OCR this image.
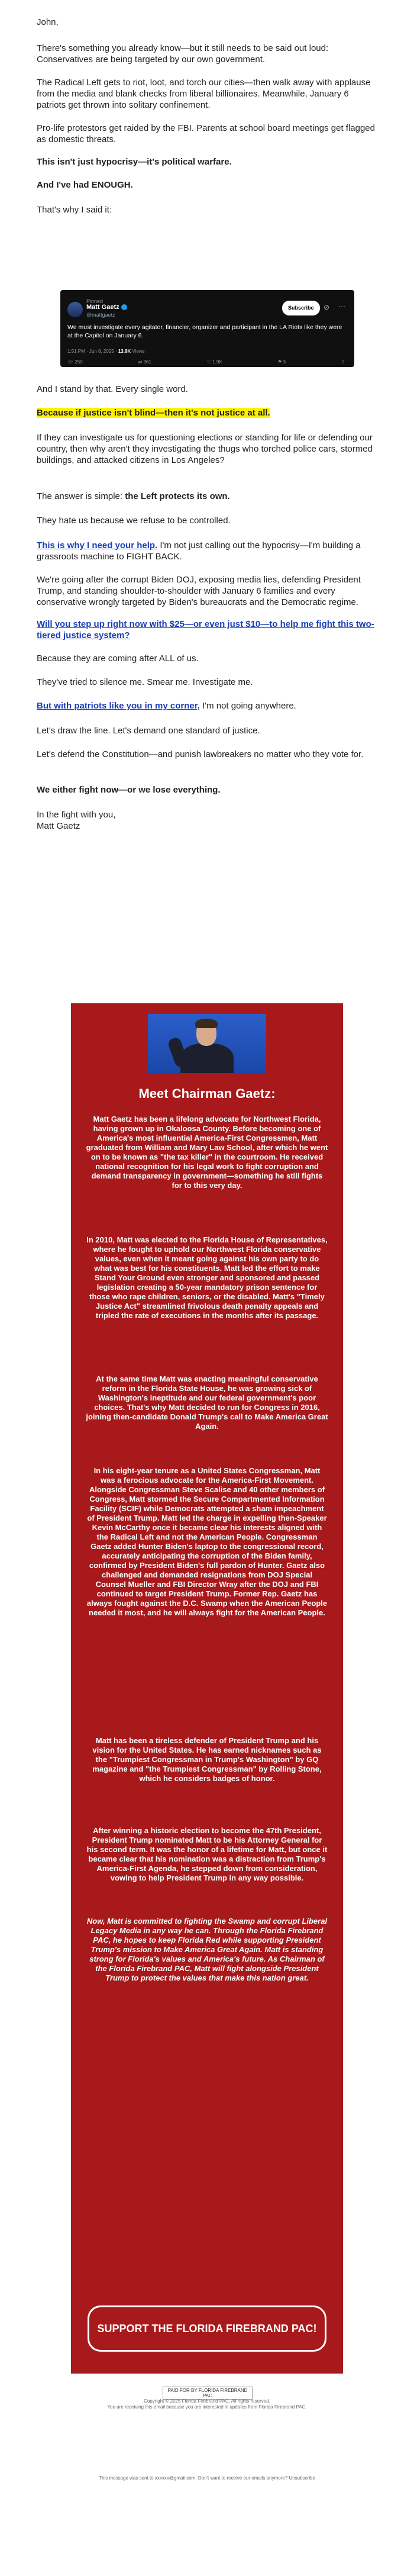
John,

There's something you already know—but it still needs to be said out loud: Conservatives are being targeted by our own government.

The Radical Left gets to riot, loot, and torch our cities—then walk away with applause from the media and blank checks from liberal billionaires. Meanwhile, January 6 patriots get thrown into solitary confinement.

Pro-life protestors get raided by the FBI. Parents at school board meetings get flagged as domestic threats.

This isn't just hypocrisy—it's political warfare.

And I've had ENOUGH.

That's why I said it:

Pinned
Matt Gaetz
@mattgaetz
Subscribe	⊘ ···
We must investigate every agitator, financier, organizer and participant in the LA Riots like they were at the Capitol on January 6.
1:51 PM · Jun 8, 2025 · 13.9K Views
💬︎ 250	⇄ 361	♡ 1.9K	⚑ 5	⇪

And I stand by that. Every single word.

Because if justice isn't blind—then it's not justice at all.

If they can investigate us for questioning elections or standing for life or defending our country, then why aren't they investigating the thugs who torched police cars, stormed buildings, and attacked citizens in Los Angeles?

The answer is simple: the Left protects its own.

They hate us because we refuse to be controlled.

This is why I need your help. I'm not just calling out the hypocrisy—I'm building a grassroots machine to FIGHT BACK.

We're going after the corrupt Biden DOJ, exposing media lies, defending President Trump, and standing shoulder-to-shoulder with January 6 families and every conservative wrongly targeted by Biden's bureaucrats and the Democratic regime.

Will you step up right now with $25—or even just $10—to help me fight this two-tiered justice system?

Because they are coming after ALL of us.

They've tried to silence me. Smear me. Investigate me.

But with patriots like you in my corner, I'm not going anywhere.

Let's draw the line. Let's demand one standard of justice.

Let's defend the Constitution—and punish lawbreakers no matter who they vote for.

We either fight now—or we lose everything.

In the fight with you,

Matt Gaetz

Meet Chairman Gaetz:

Matt Gaetz has been a lifelong advocate for Northwest Florida, having grown up in Okaloosa County. Before becoming one of America's most influential America-First Congressmen, Matt graduated from William and Mary Law School, after which he went on to be known as "the tax killer" in the courtroom. He received national recognition for his legal work to fight corruption and demand transparency in government—something he still fights for to this very day.

In 2010, Matt was elected to the Florida House of Representatives, where he fought to uphold our Northwest Florida conservative values, even when it meant going against his own party to do what was best for his constituents. Matt led the effort to make Stand Your Ground even stronger and sponsored and passed legislation creating a 50-year mandatory prison sentence for those who rape children, seniors, or the disabled. Matt's "Timely Justice Act" streamlined frivolous death penalty appeals and tripled the rate of executions in the months after its passage.

At the same time Matt was enacting meaningful conservative reform in the Florida State House, he was growing sick of Washington's ineptitude and our federal government's poor choices. That's why Matt decided to run for Congress in 2016, joining then-candidate Donald Trump's call to Make America Great Again.

In his eight-year tenure as a United States Congressman, Matt was a ferocious advocate for the America-First Movement. Alongside Congressman Steve Scalise and 40 other members of Congress, Matt stormed the Secure Compartmented Information Facility (SCIF) while Democrats attempted a sham impeachment of President Trump. Matt led the charge in expelling then-Speaker Kevin McCarthy once it became clear his interests aligned with the Radical Left and not the American People. Congressman Gaetz added Hunter Biden's laptop to the congressional record, accurately anticipating the corruption of the Biden family, confirmed by President Biden's full pardon of Hunter. Gaetz also challenged and demanded resignations from DOJ Special Counsel Mueller and FBI Director Wray after the DOJ and FBI continued to target President Trump. Former Rep. Gaetz has always fought against the D.C. Swamp when the American People needed it most, and he will always fight for the American People.

Matt has been a tireless defender of President Trump and his vision for the United States. He has earned nicknames such as the "Trumpiest Congressman in Trump's Washington" by GQ magazine and "the Trumpiest Congressman" by Rolling Stone, which he considers badges of honor.

After winning a historic election to become the 47th President, President Trump nominated Matt to be his Attorney General for his second term. It was the honor of a lifetime for Matt, but once it became clear that his nomination was a distraction from Trump's America-First Agenda, he stepped down from consideration, vowing to help President Trump in any way possible.

Now, Matt is committed to fighting the Swamp and corrupt Liberal Legacy Media in any way he can. Through the Florida Firebrand PAC, he hopes to keep Florida Red while supporting President Trump's mission to Make America Great Again. Matt is standing strong for Florida's values and America's future. As Chairman of the Florida Firebrand PAC, Matt will fight alongside President Trump to protect the values that make this nation great.

SUPPORT THE FLORIDA FIREBRAND PAC!
PAID FOR BY FLORIDA FIREBRAND PAC
Copyright © 2025 Florida Firebrand PAC, All rights reserved.
You are receiving this email because you are interested in updates from Florida Firebrand PAC.
This message was sent to xxxxxx@gmail.com. Don't want to receive our emails anymore? Unsubscribe
